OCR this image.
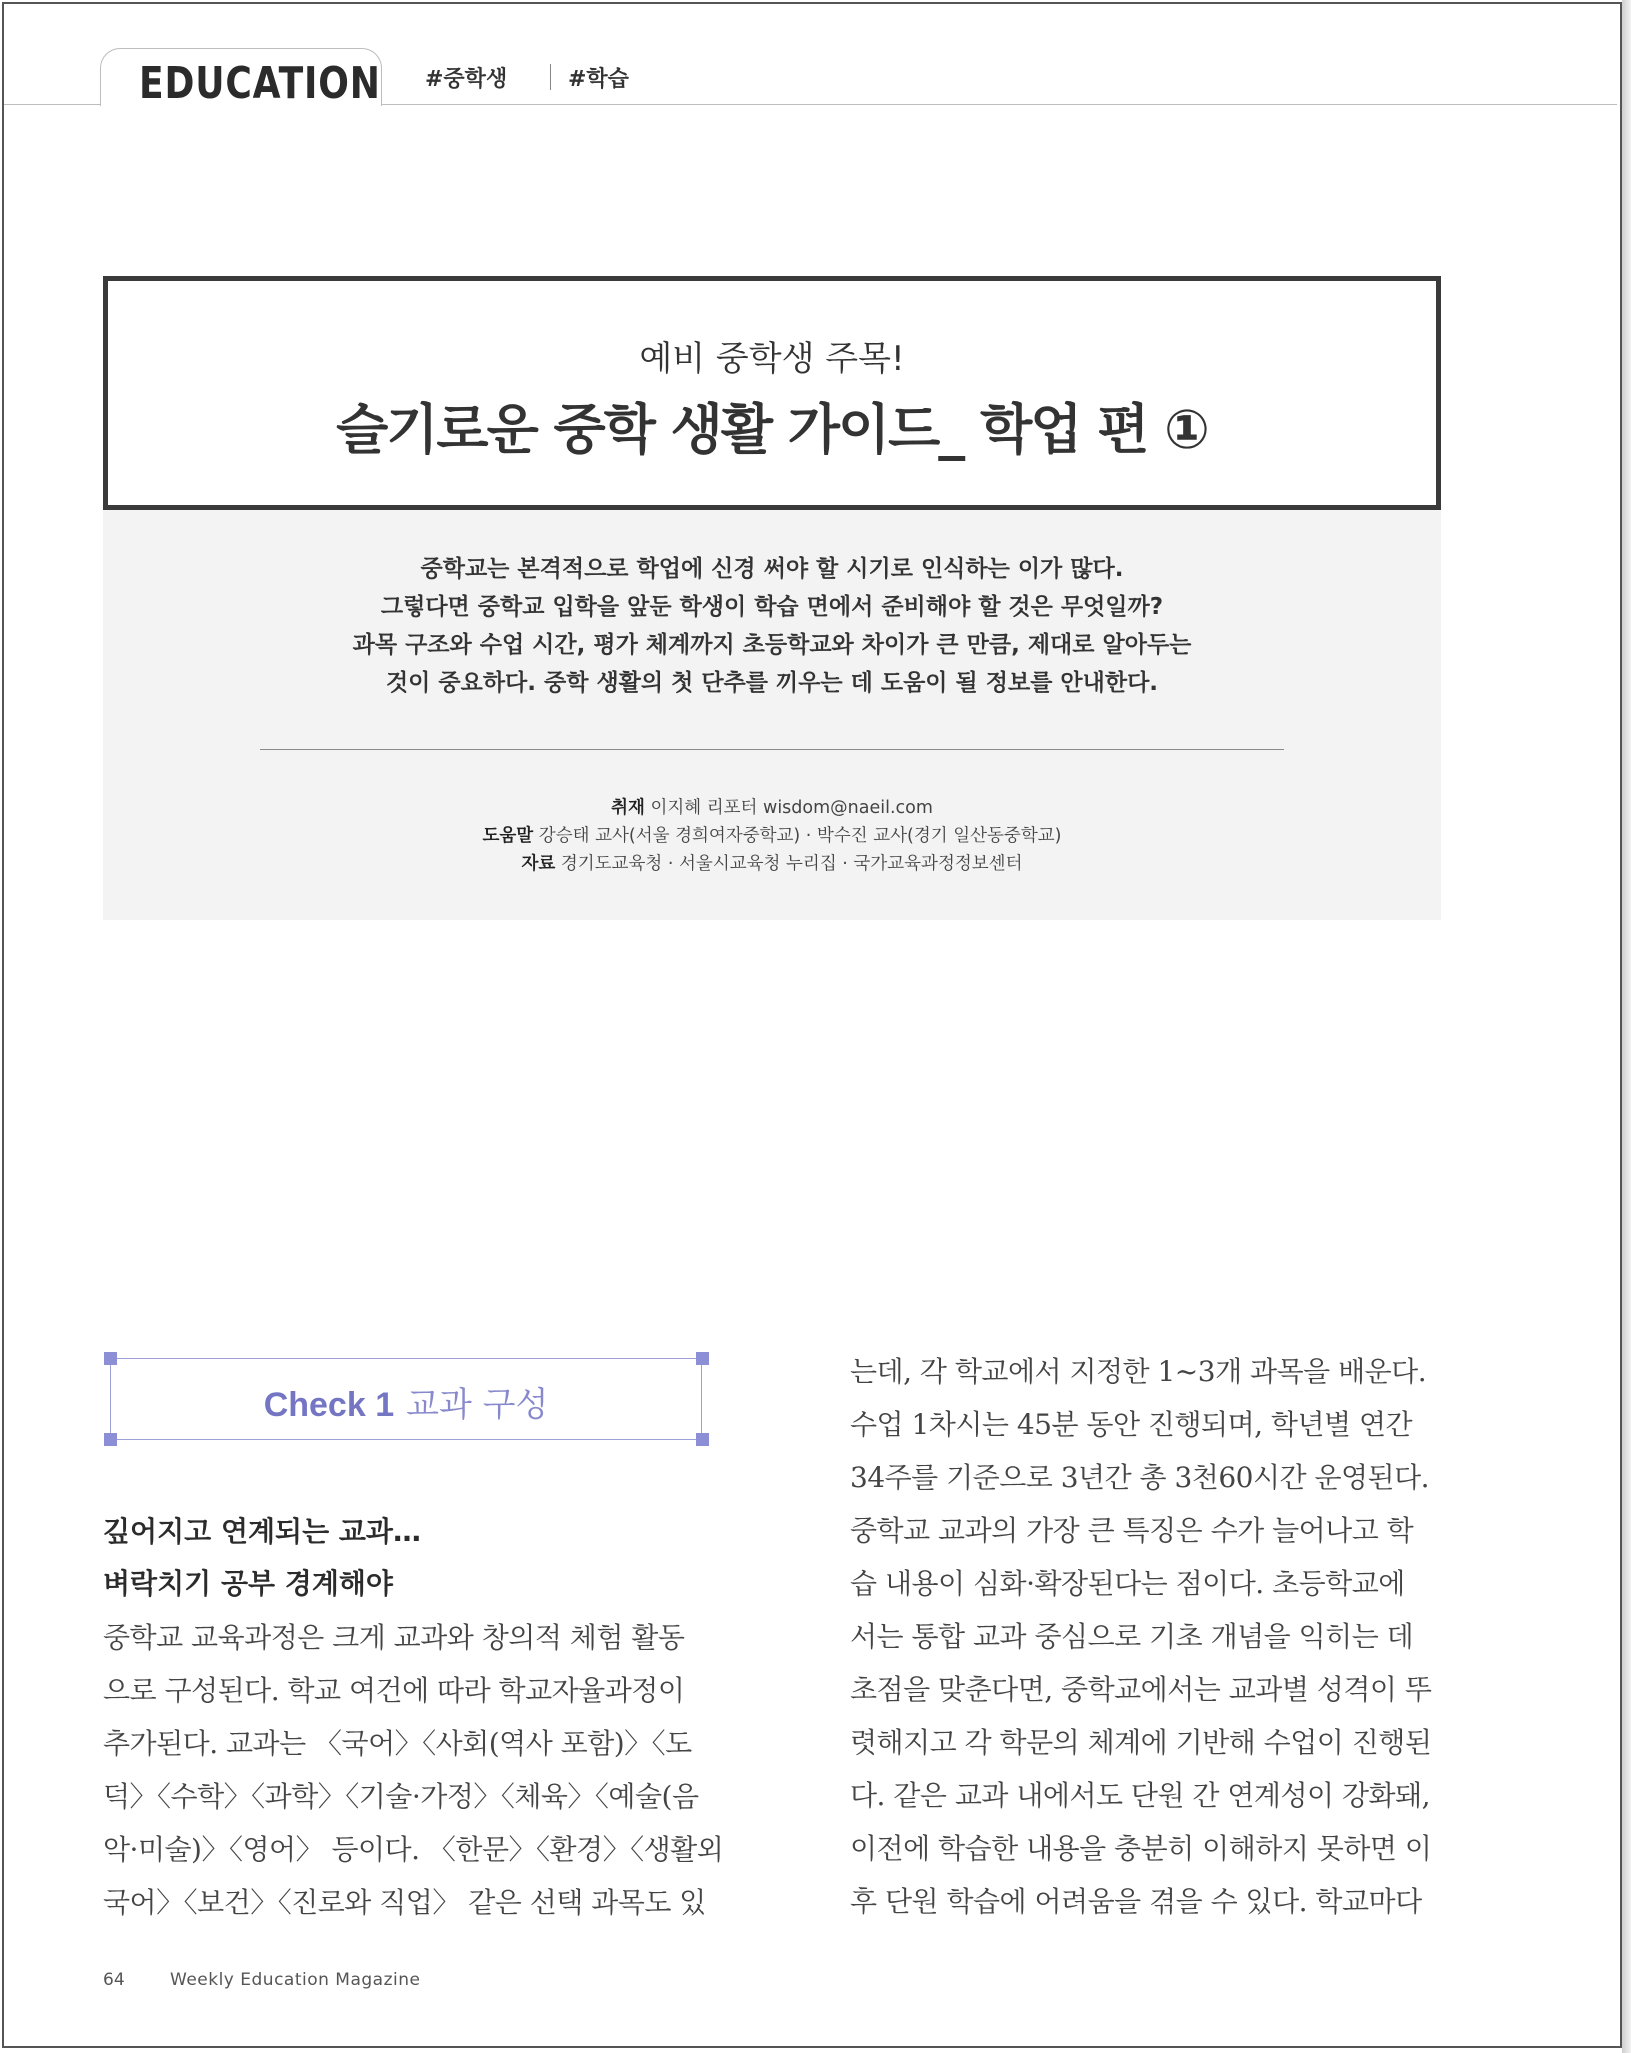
EDUCATION #중학생	#학습
예비 중학생 주목!
슬기로운 중학 생활 가이드_ 학업 편 ①
중학교는 본격적으로 학업에 신경 써야 할 시기로 인식하는 이가 많다.
그렇다면 중학교 입학을 앞둔 학생이 학습 면에서 준비해야 할 것은 무엇일까?
과목 구조와 수업 시간, 평가 체계까지 초등학교와 차이가 큰 만큼, 제대로 알아두는
것이 중요하다. 중학 생활의 첫 단추를 끼우는 데 도움이 될 정보를 안내한다.
취재 이지혜 리포터 wisdom@naeil.com
도움말 강승태 교사(서울 경희여자중학교) · 박수진 교사(경기 일산동중학교)
자료 경기도교육청 · 서울시교육청 누리집 · 국가교육과정정보센터
Check 1 교과 구성
깊어지고 연계되는 교과…
벼락치기 공부 경계해야
중학교 교육과정은 크게 교과와 창의적 체험 활동
으로 구성된다. 학교 여건에 따라 학교자율과정이
추가된다. 교과는 〈국어〉〈사회(역사 포함)〉〈도
덕〉〈수학〉〈과학〉〈기술·가정〉〈체육〉〈예술(음
악·미술)〉〈영어〉 등이다. 〈한문〉〈환경〉〈생활외
국어〉〈보건〉〈진로와 직업〉 같은 선택 과목도 있
는데, 각 학교에서 지정한 1~3개 과목을 배운다.
수업 1차시는 45분 동안 진행되며, 학년별 연간
34주를 기준으로 3년간 총 3천60시간 운영된다.
중학교 교과의 가장 큰 특징은 수가 늘어나고 학
습 내용이 심화·확장된다는 점이다. 초등학교에
서는 통합 교과 중심으로 기초 개념을 익히는 데
초점을 맞춘다면, 중학교에서는 교과별 성격이 뚜
렷해지고 각 학문의 체계에 기반해 수업이 진행된
다. 같은 교과 내에서도 단원 간 연계성이 강화돼,
이전에 학습한 내용을 충분히 이해하지 못하면 이
후 단원 학습에 어려움을 겪을 수 있다. 학교마다
64	Weekly Education Magazine
